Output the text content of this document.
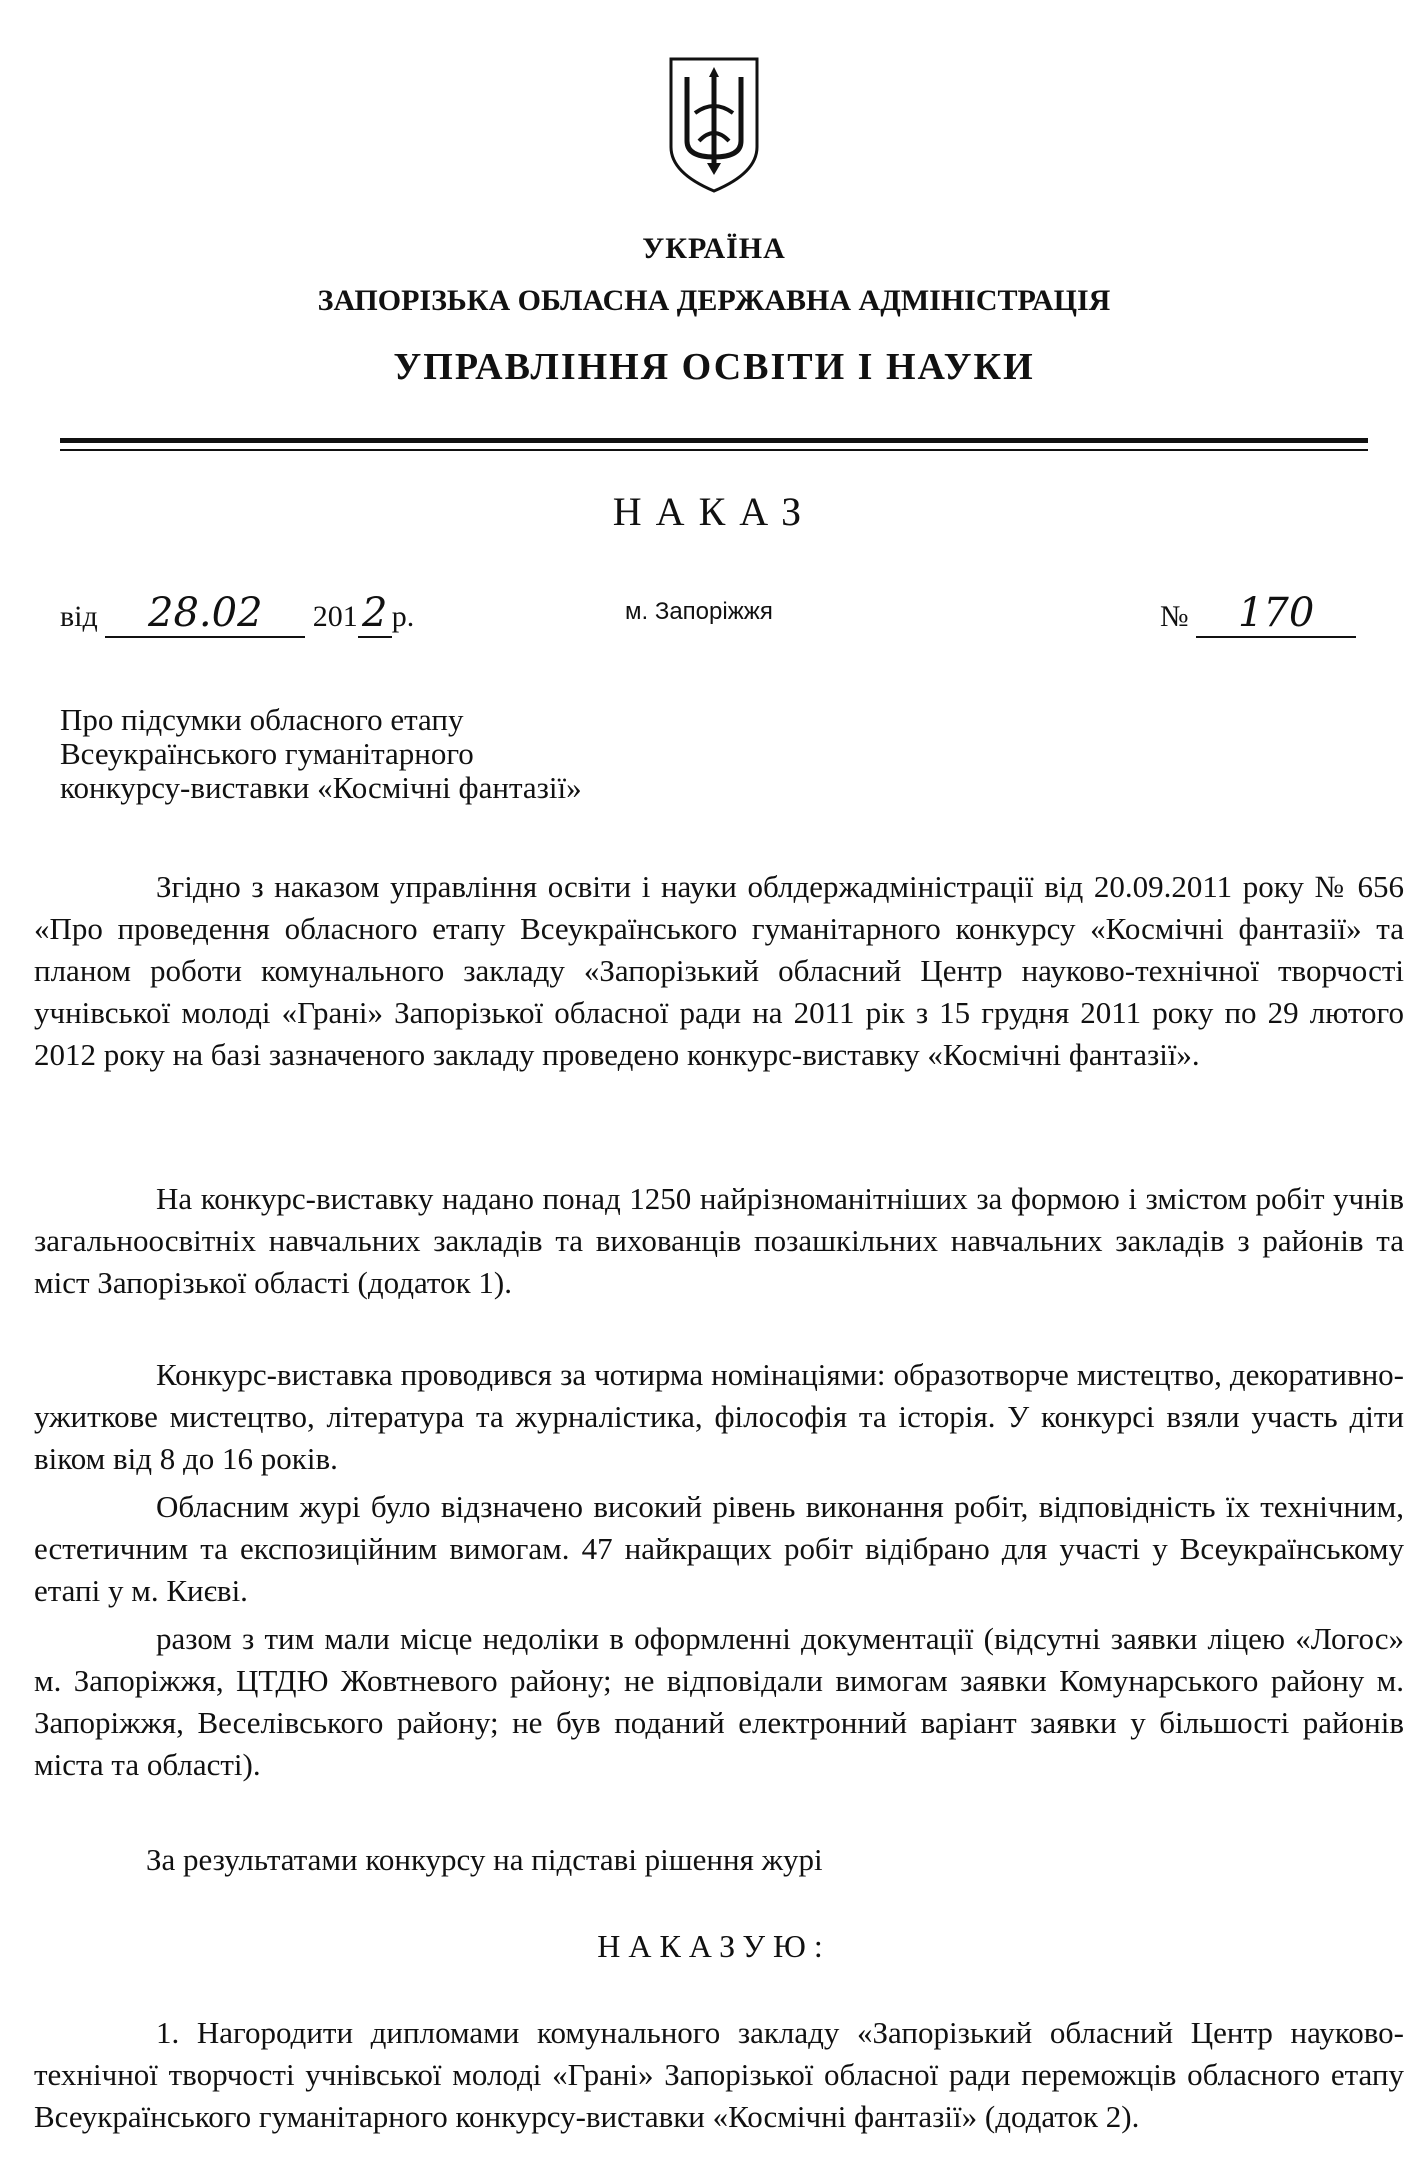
УКРАЇНА
ЗАПОРІЗЬКА ОБЛАСНА ДЕРЖАВНА АДМІНІСТРАЦІЯ
УПРАВЛІННЯ ОСВІТИ І НАУКИ
НАКАЗ
від 28.02 201 2 р.	м. Запоріжжя	№ 170
Про підсумки обласного етапу
Всеукраїнського гуманітарного
конкурсу-виставки «Космічні фантазії»

Згідно з наказом управління освіти і науки облдержадміністрації від 20.09.2011 року № 656 «Про проведення обласного етапу Всеукраїнського гуманітарного конкурсу «Космічні фантазії» та планом роботи комунального закладу «Запорізький обласний Центр науково-технічної творчості учнівської молоді «Грані» Запорізької обласної ради на 2011 рік з 15 грудня 2011 року по 29 лютого 2012 року на базі зазначеного закладу проведено конкурс-виставку «Космічні фантазії».

На конкурс-виставку надано понад 1250 найрізноманітніших за формою і змістом робіт учнів загальноосвітніх навчальних закладів та вихованців позашкільних навчальних закладів з районів та міст Запорізької області (додаток 1).

Конкурс-виставка проводився за чотирма номінаціями: образотворче мистецтво, декоративно-ужиткове мистецтво, література та журналістика, філософія та історія. У конкурсі взяли участь діти віком від 8 до 16 років.

Обласним журі було відзначено високий рівень виконання робіт, відповідність їх технічним, естетичним та експозиційним вимогам. 47 найкращих робіт відібрано для участі у Всеукраїнському етапі у м. Києві.

разом з тим мали місце недоліки в оформленні документації (відсутні заявки ліцею «Логос» м. Запоріжжя, ЦТДЮ Жовтневого району; не відповідали вимогам заявки Комунарського району м. Запоріжжя, Веселівського району; не був поданий електронний варіант заявки у більшості районів міста та області).

За результатами конкурсу на підставі рішення журі
НАКАЗУЮ:

1. Нагородити дипломами комунального закладу «Запорізький обласний Центр науково-технічної творчості учнівської молоді «Грані» Запорізької обласної ради переможців обласного етапу Всеукраїнського гуманітарного конкурсу-виставки «Космічні фантазії» (додаток 2).
